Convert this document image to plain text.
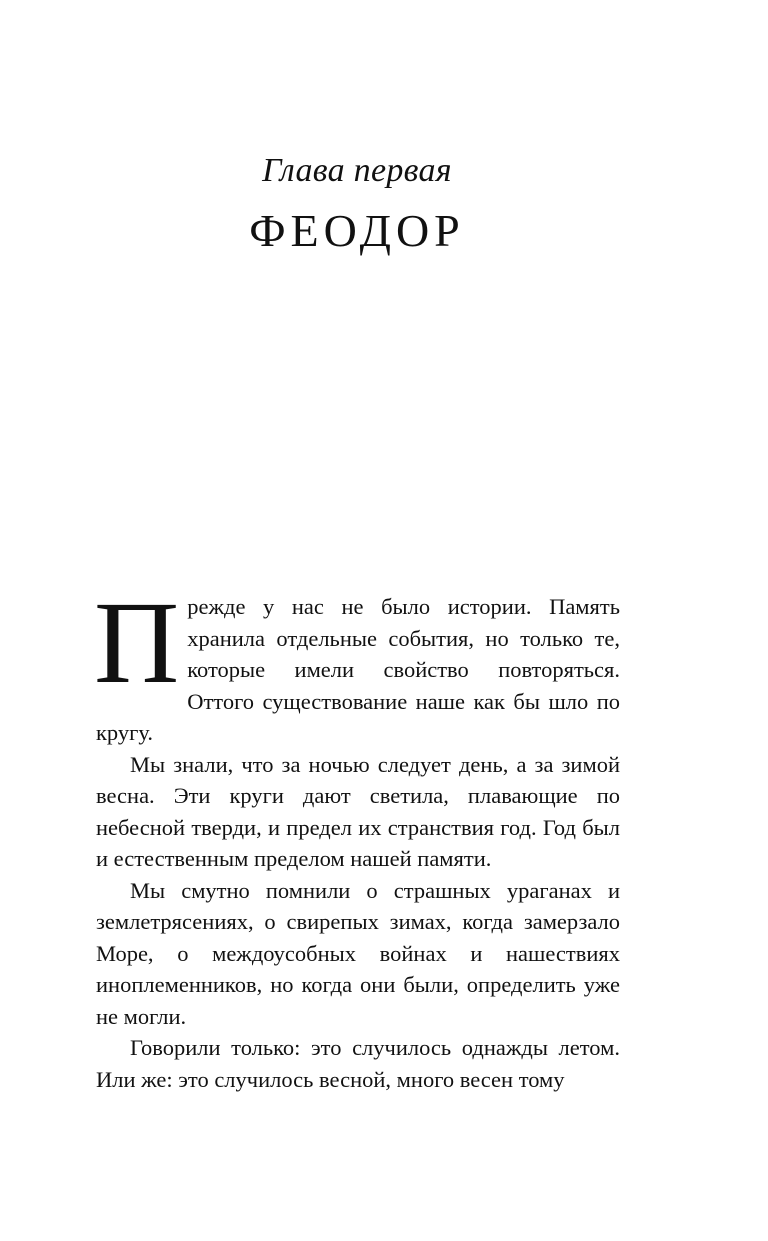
Глава первая
ФЕОДОР

Прежде у нас не было истории. Память хранила отдельные события, но только те, которые имели свойство повторяться. Оттого существование наше как бы шло по кругу.

Мы знали, что за ночью следует день, а за зимой весна. Эти круги дают светила, плавающие по небесной тверди, и предел их странствия год. Год был и естественным пределом нашей памяти.

Мы смутно помнили о страшных ураганах и землетрясениях, о свирепых зимах, когда замерзало Море, о междоусобных войнах и нашествиях иноплеменников, но когда они были, определить уже не могли.

Говорили только: это случилось однажды летом. Или же: это случилось весной, много весен тому
